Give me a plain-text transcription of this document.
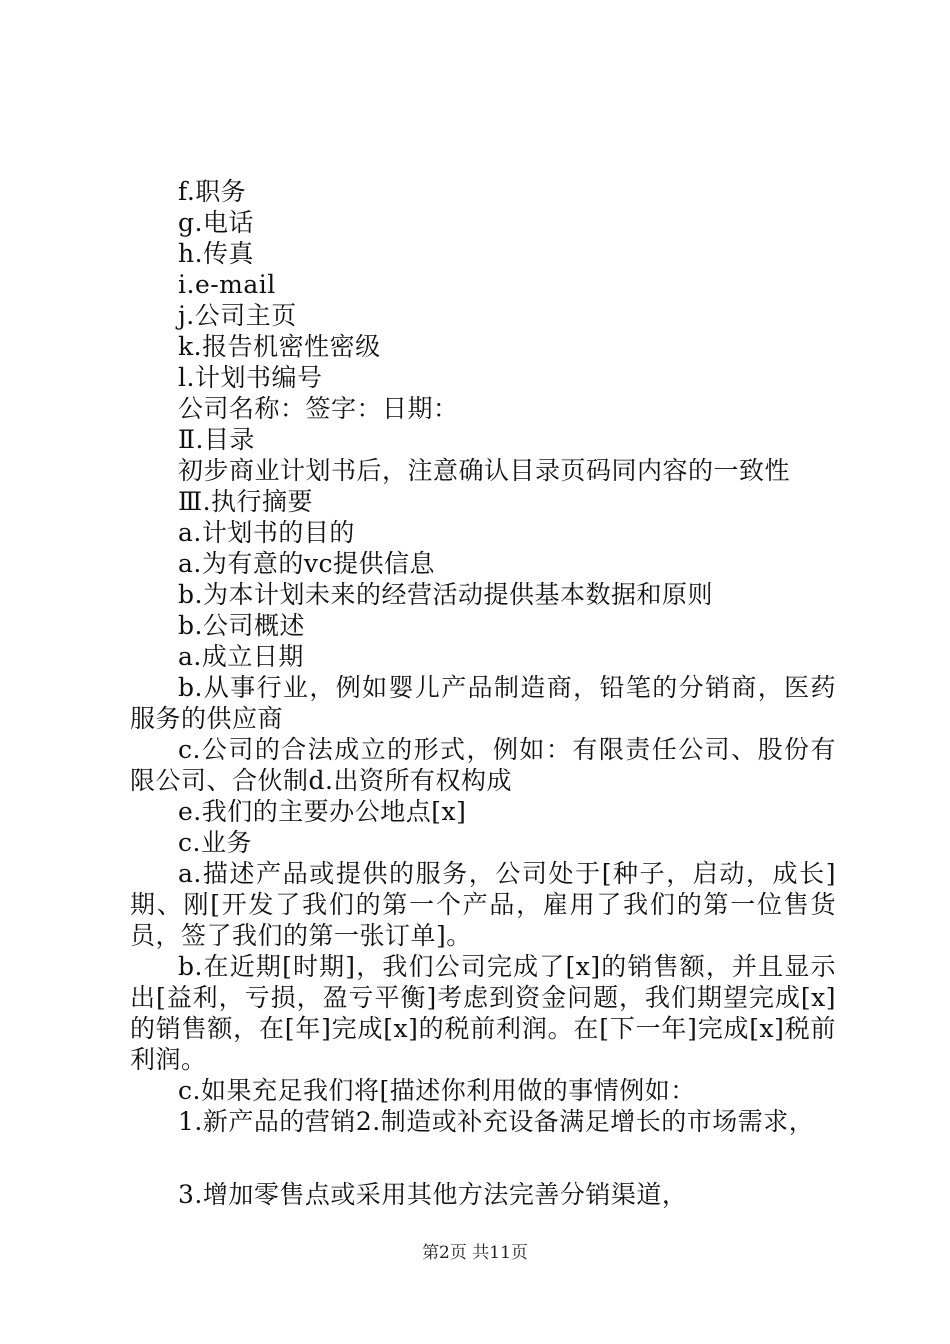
f.职务
g.电话
h.传真
i.e-mail
j.公司主页
k.报告机密性密级
l.计划书编号
公司名称：签字：日期：
Ⅱ.目录
初步商业计划书后，注意确认目录页码同内容的一致性
Ⅲ.执行摘要
a.计划书的目的
a.为有意的vc提供信息
b.为本计划未来的经营活动提供基本数据和原则
b.公司概述
a.成立日期
b.从事行业，例如婴儿产品制造商，铅笔的分销商，医药服务的供应商
c.公司的合法成立的形式，例如：有限责任公司、股份有限公司、合伙制d.出资所有权构成
e.我们的主要办公地点[x]
c.业务
a.描述产品或提供的服务，公司处于[种子，启动，成长]期、刚[开发了我们的第一个产品，雇用了我们的第一位售货员，签了我们的第一张订单]。
b.在近期[时期]，我们公司完成了[x]的销售额，并且显示出[益利，亏损，盈亏平衡]考虑到资金问题，我们期望完成[x]的销售额，在[年]完成[x]的税前利润。在[下一年]完成[x]税前利润。
c.如果充足我们将[描述你利用做的事情例如：
1.新产品的营销2.制造或补充设备满足增长的市场需求，
3.增加零售点或采用其他方法完善分销渠道，
第2页 共11页
